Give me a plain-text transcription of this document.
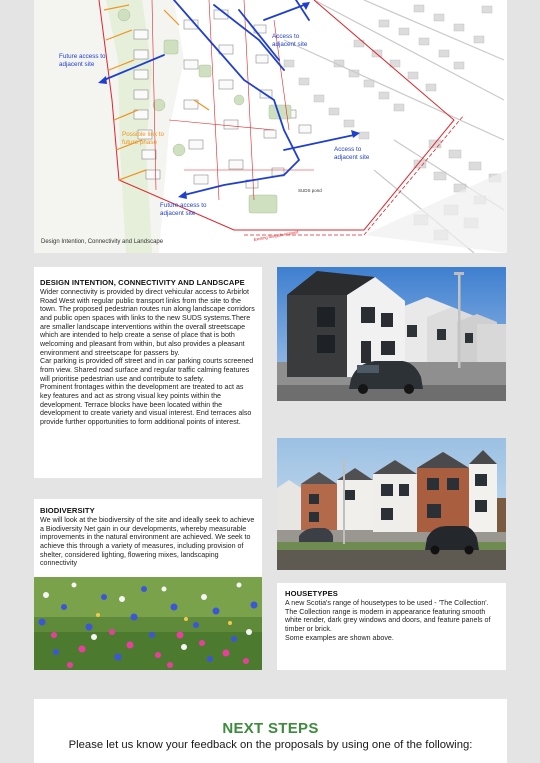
SUDS pond
Existing footpath retained
Future access to adjacent site
Access to adjacent site
Possible link to future phase
Access to adjacent site
Future access to adjacent site
Design Intention, Connectivity and Landscape
DESIGN INTENTION, CONNECTIVITY AND LANDSCAPE

Wider connectivity is provided by direct vehicular access to Arbirlot Road West with regular public transport links from the site to the town. The proposed pedestrian routes run along landscape corridors and public open spaces with links to the new SUDS systems.There are smaller landscape interventions within the overall streetscape which are intended to help create a sense of place that is both welcoming and pleasant from within, but also provides a pleasant environment and streetscape for passers by.

Car parking is provided off street and in car parking courts screened from view. Shared road surface and regular traffic calming features will prioritise pedestrian use and contribute to safety.

Prominent frontages within the development are treated to act as key features and act as strong visual key points within the development. Terrace blocks have been located within the development to create variety and visual interest. End terraces also provide further opportunities to form additional points of interest.

BIODIVERSITY

We will look at the biodiversity of the site and ideally seek to achieve a Biodiversity Net gain in our developments, whereby measurable improvements in the natural environment are achieved. We seek to achieve this through a variety of measures, including provision of shelter, considered lighting, flowering mixes, landscaping connectivity

HOUSETYPES

A new Scotia's range of housetypes to be used - 'The Collection'.

The Collection range is modern in appearance featuring smooth white render, dark grey windows and doors, and feature panels of timber or brick.

Some examples are shown above.

NEXT STEPS
Please let us know your feedback on the proposals by using one of the following:
